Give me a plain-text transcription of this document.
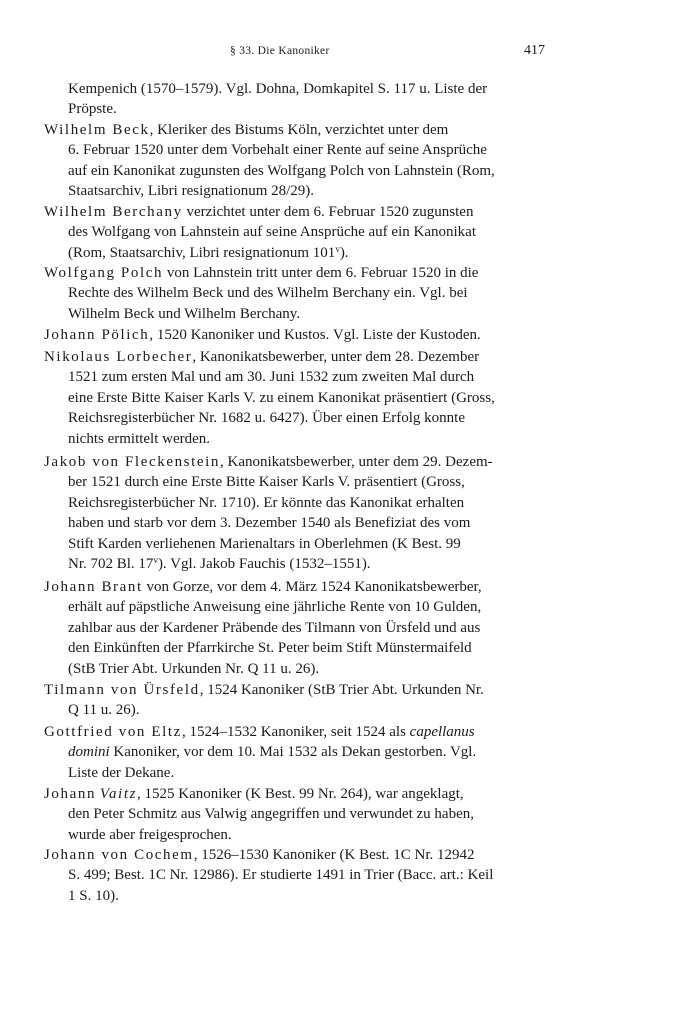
§ 33. Die Kanoniker	417
Kempenich (1570–1579). Vgl. Dohna, Domkapitel S. 117 u. Liste der
Pröpste.
Wilhelm Beck, Kleriker des Bistums Köln, verzichtet unter dem
6. Februar 1520 unter dem Vorbehalt einer Rente auf seine Ansprüche
auf ein Kanonikat zugunsten des Wolfgang Polch von Lahnstein (Rom,
Staatsarchiv, Libri resignationum 28/29).
Wilhelm Berchany verzichtet unter dem 6. Februar 1520 zugunsten
des Wolfgang von Lahnstein auf seine Ansprüche auf ein Kanonikat
(Rom, Staatsarchiv, Libri resignationum 101$^v$).
Wolfgang Polch von Lahnstein tritt unter dem 6. Februar 1520 in die
Rechte des Wilhelm Beck und des Wilhelm Berchany ein. Vgl. bei
Wilhelm Beck und Wilhelm Berchany.
Johann Pölich, 1520 Kanoniker und Kustos. Vgl. Liste der Kustoden.
Nikolaus Lorbecher, Kanonikatsbewerber, unter dem 28. Dezember
1521 zum ersten Mal und am 30. Juni 1532 zum zweiten Mal durch
eine Erste Bitte Kaiser Karls V. zu einem Kanonikat präsentiert (Gross,
Reichsregisterbücher Nr. 1682 u. 6427). Über einen Erfolg konnte
nichts ermittelt werden.
Jakob von Fleckenstein, Kanonikatsbewerber, unter dem 29. Dezem-
ber 1521 durch eine Erste Bitte Kaiser Karls V. präsentiert (Gross,
Reichsregisterbücher Nr. 1710). Er könnte das Kanonikat erhalten
haben und starb vor dem 3. Dezember 1540 als Benefiziat des vom
Stift Karden verliehenen Marienaltars in Oberlehmen (K Best. 99
Nr. 702 Bl. 17$^v$). Vgl. Jakob Fauchis (1532–1551).
Johann Brant von Gorze, vor dem 4. März 1524 Kanonikatsbewerber,
erhält auf päpstliche Anweisung eine jährliche Rente von 10 Gulden,
zahlbar aus der Kardener Präbende des Tilmann von Ürsfeld und aus
den Einkünften der Pfarrkirche St. Peter beim Stift Münstermaifeld
(StB Trier Abt. Urkunden Nr. Q 11 u. 26).
Tilmann von Ürsfeld, 1524 Kanoniker (StB Trier Abt. Urkunden Nr.
Q 11 u. 26).
Gottfried von Eltz, 1524–1532 Kanoniker, seit 1524 als capellanus
domini Kanoniker, vor dem 10. Mai 1532 als Dekan gestorben. Vgl.
Liste der Dekane.
Johann Vaitz, 1525 Kanoniker (K Best. 99 Nr. 264), war angeklagt,
den Peter Schmitz aus Valwig angegriffen und verwundet zu haben,
wurde aber freigesprochen.
Johann von Cochem, 1526–1530 Kanoniker (K Best. 1C Nr. 12942
S. 499; Best. 1C Nr. 12986). Er studierte 1491 in Trier (Bacc. art.: Keil
1 S. 10).
